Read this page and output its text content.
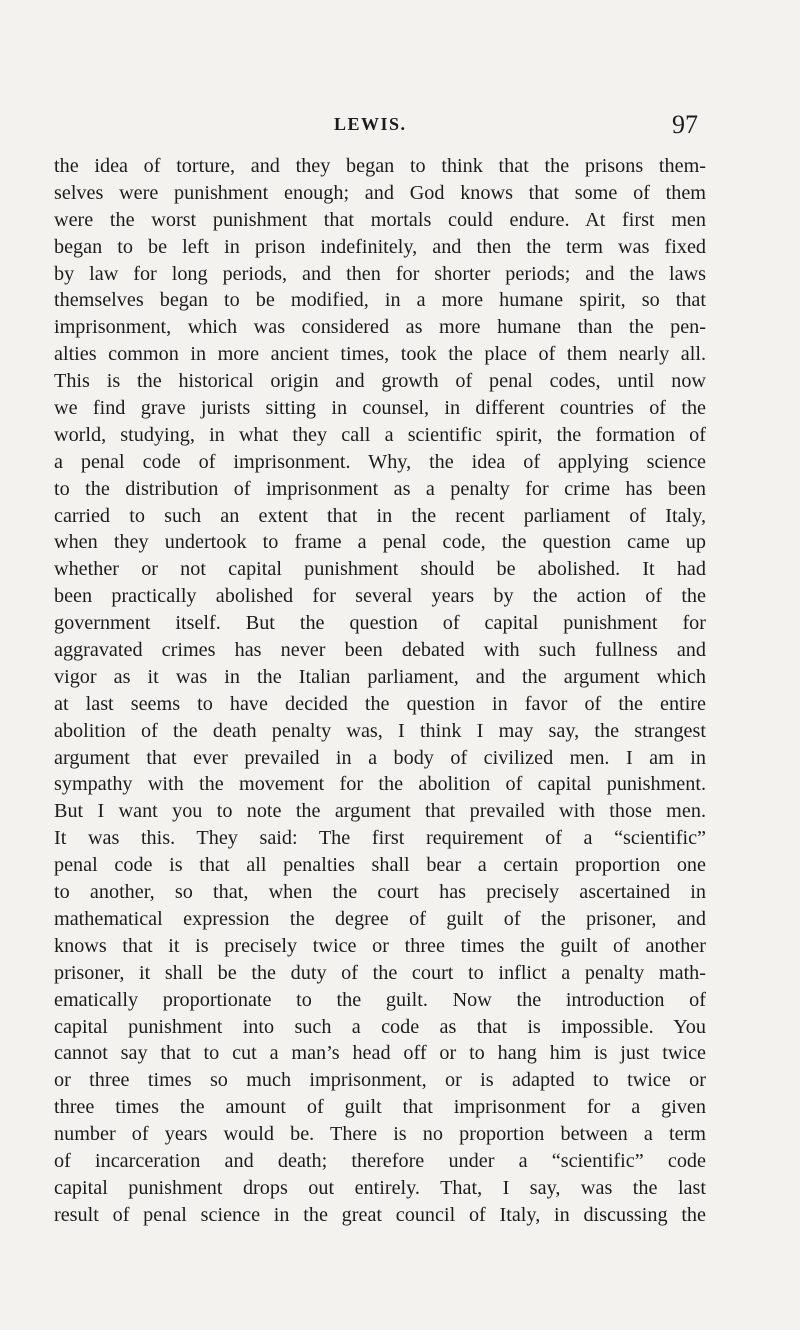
LEWIS.	97
the idea of torture, and they began to think that the prisons them-
selves were punishment enough; and God knows that some of them
were the worst punishment that mortals could endure. At first men
began to be left in prison indefinitely, and then the term was fixed
by law for long periods, and then for shorter periods; and the laws
themselves began to be modified, in a more humane spirit, so that
imprisonment, which was considered as more humane than the pen-
alties common in more ancient times, took the place of them nearly all.
This is the historical origin and growth of penal codes, until now
we find grave jurists sitting in counsel, in different countries of the
world, studying, in what they call a scientific spirit, the formation of
a penal code of imprisonment. Why, the idea of applying science
to the distribution of imprisonment as a penalty for crime has been
carried to such an extent that in the recent parliament of Italy,
when they undertook to frame a penal code, the question came up
whether or not capital punishment should be abolished. It had
been practically abolished for several years by the action of the
government itself. But the question of capital punishment for
aggravated crimes has never been debated with such fullness and
vigor as it was in the Italian parliament, and the argument which
at last seems to have decided the question in favor of the entire
abolition of the death penalty was, I think I may say, the strangest
argument that ever prevailed in a body of civilized men. I am in
sympathy with the movement for the abolition of capital punishment.
But I want you to note the argument that prevailed with those men.
It was this. They said: The first requirement of a “scientific”
penal code is that all penalties shall bear a certain proportion one
to another, so that, when the court has precisely ascertained in
mathematical expression the degree of guilt of the prisoner, and
knows that it is precisely twice or three times the guilt of another
prisoner, it shall be the duty of the court to inflict a penalty math-
ematically proportionate to the guilt. Now the introduction of
capital punishment into such a code as that is impossible. You
cannot say that to cut a man’s head off or to hang him is just twice
or three times so much imprisonment, or is adapted to twice or
three times the amount of guilt that imprisonment for a given
number of years would be. There is no proportion between a term
of incarceration and death; therefore under a “scientific” code
capital punishment drops out entirely. That, I say, was the last
result of penal science in the great council of Italy, in discussing the
